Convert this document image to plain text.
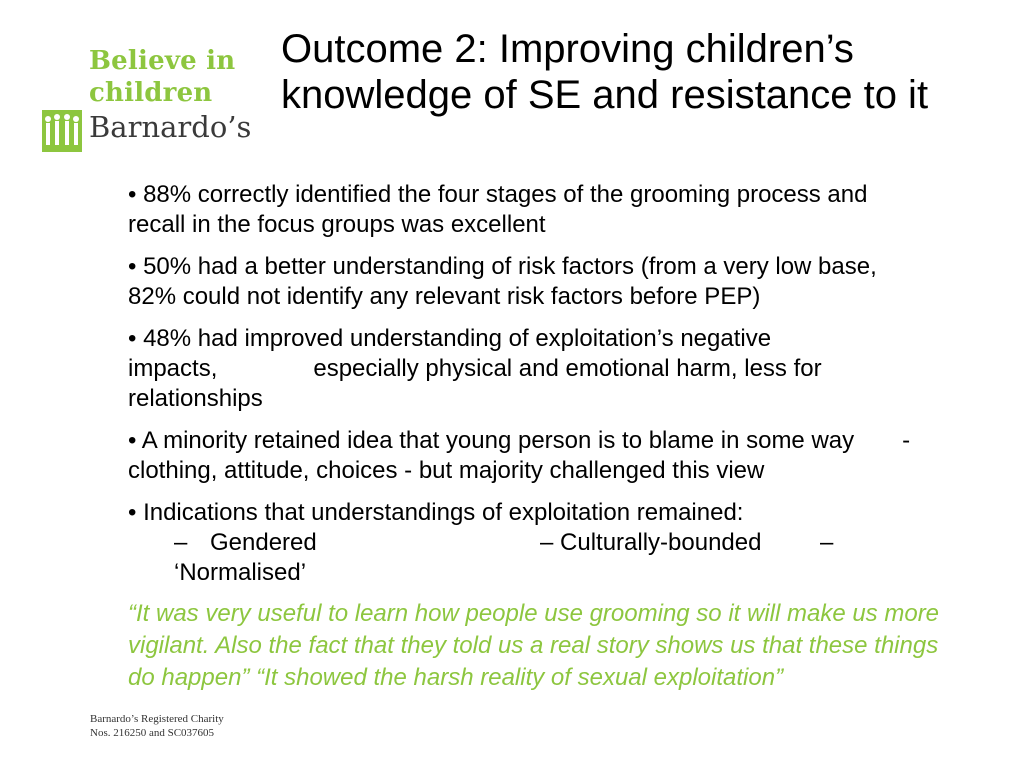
Believe in
children
Barnardo’s
Outcome 2: Improving children’s knowledge of SE and resistance to it
• 88% correctly identified the four stages of the grooming process and  recall in the focus groups was excellent
• 50% had a better understanding of risk factors (from a very low base,  82% could not identify any relevant risk factors before PEP)
• 48% had improved understanding of exploitation’s negative impacts,    especially physical and emotional harm, less for relationships
• A minority retained idea that young person is to blame in some way  - clothing, attitude, choices - but majority challenged this view
• Indications that understandings of exploitation remained:
– Gendered	– Culturally-bounded – ‘Normalised’
“It was very useful to learn how people use grooming so it will make us more vigilant. Also the fact that they told us a real story shows us that these things do happen” “It showed the harsh reality of sexual exploitation”
Barnardo’s Registered Charity
Nos. 216250 and SC037605
